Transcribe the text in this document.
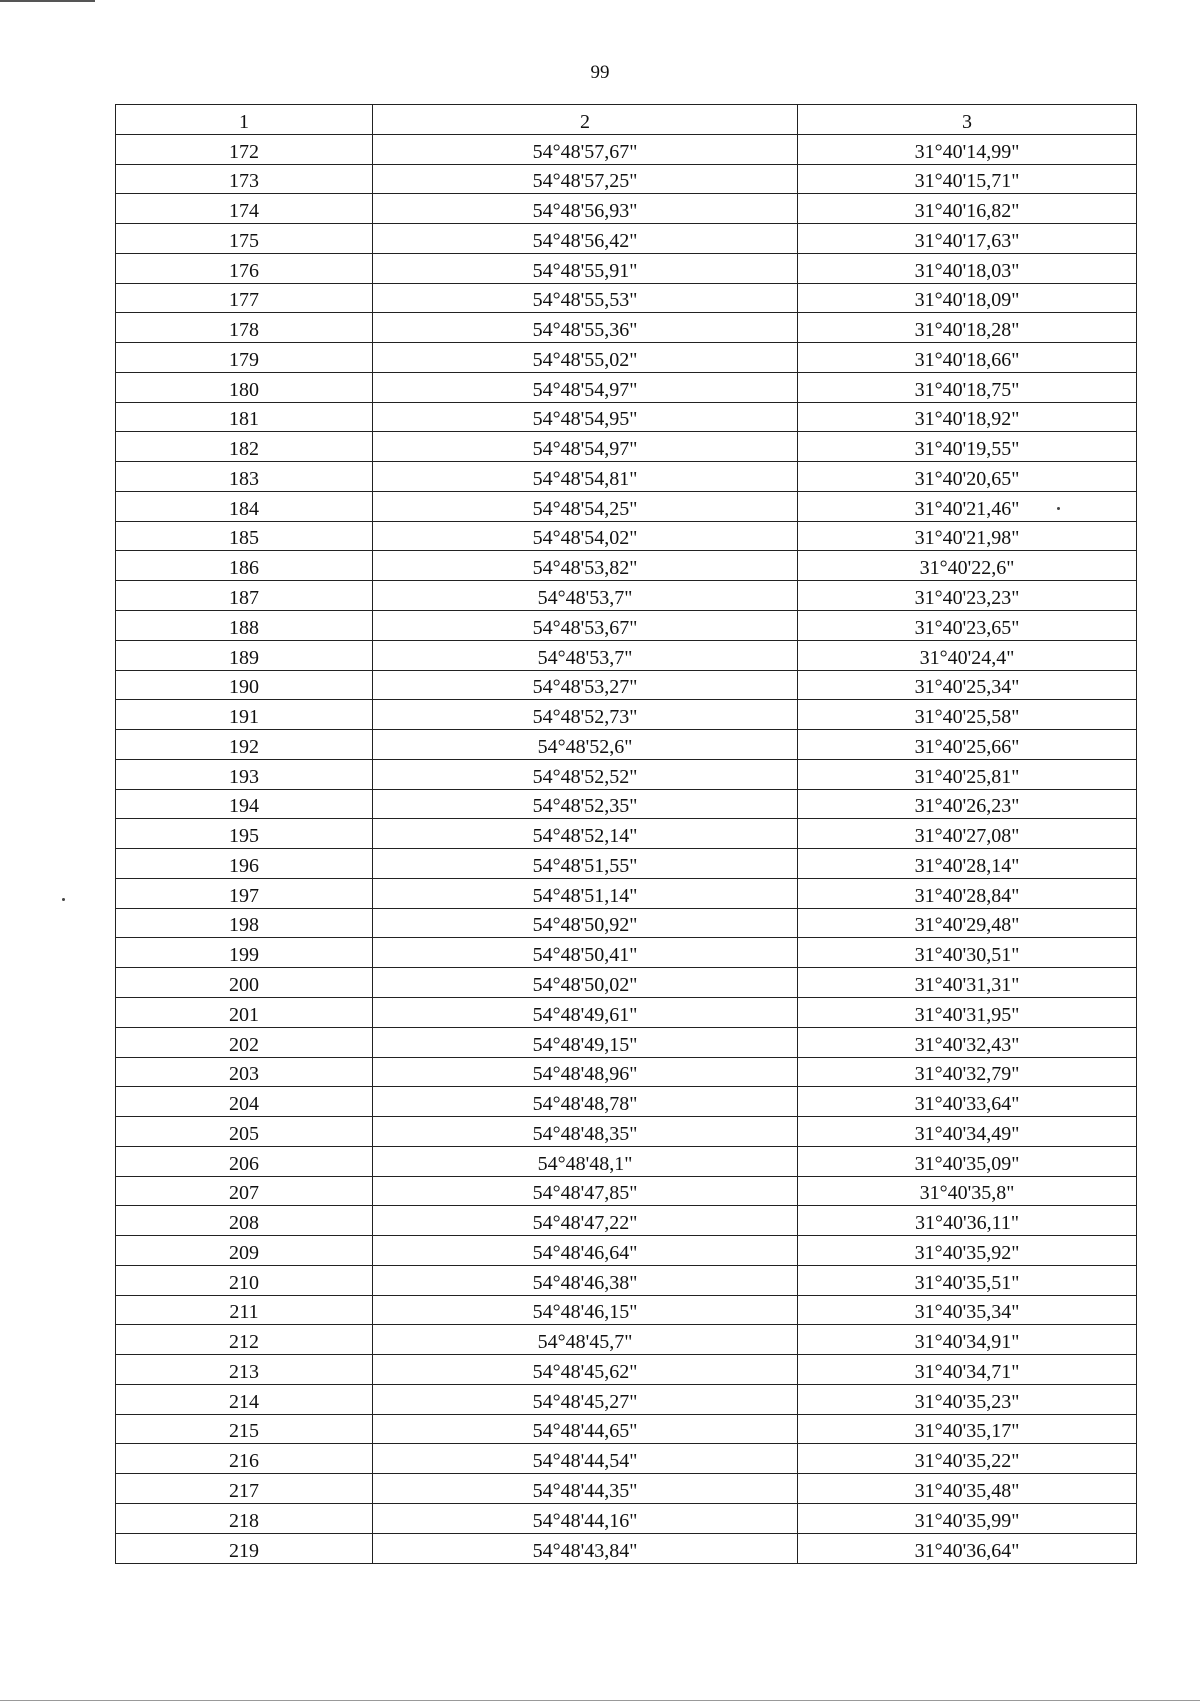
99
1	2	3
172	54°48'57,67"	31°40'14,99"
173	54°48'57,25"	31°40'15,71"
174	54°48'56,93"	31°40'16,82"
175	54°48'56,42"	31°40'17,63"
176	54°48'55,91"	31°40'18,03"
177	54°48'55,53"	31°40'18,09"
178	54°48'55,36"	31°40'18,28"
179	54°48'55,02"	31°40'18,66"
180	54°48'54,97"	31°40'18,75"
181	54°48'54,95"	31°40'18,92"
182	54°48'54,97"	31°40'19,55"
183	54°48'54,81"	31°40'20,65"
184	54°48'54,25"	31°40'21,46"
185	54°48'54,02"	31°40'21,98"
186	54°48'53,82"	31°40'22,6"
187	54°48'53,7"	31°40'23,23"
188	54°48'53,67"	31°40'23,65"
189	54°48'53,7"	31°40'24,4"
190	54°48'53,27"	31°40'25,34"
191	54°48'52,73"	31°40'25,58"
192	54°48'52,6"	31°40'25,66"
193	54°48'52,52"	31°40'25,81"
194	54°48'52,35"	31°40'26,23"
195	54°48'52,14"	31°40'27,08"
196	54°48'51,55"	31°40'28,14"
197	54°48'51,14"	31°40'28,84"
198	54°48'50,92"	31°40'29,48"
199	54°48'50,41"	31°40'30,51"
200	54°48'50,02"	31°40'31,31"
201	54°48'49,61"	31°40'31,95"
202	54°48'49,15"	31°40'32,43"
203	54°48'48,96"	31°40'32,79"
204	54°48'48,78"	31°40'33,64"
205	54°48'48,35"	31°40'34,49"
206	54°48'48,1"	31°40'35,09"
207	54°48'47,85"	31°40'35,8"
208	54°48'47,22"	31°40'36,11"
209	54°48'46,64"	31°40'35,92"
210	54°48'46,38"	31°40'35,51"
211	54°48'46,15"	31°40'35,34"
212	54°48'45,7"	31°40'34,91"
213	54°48'45,62"	31°40'34,71"
214	54°48'45,27"	31°40'35,23"
215	54°48'44,65"	31°40'35,17"
216	54°48'44,54"	31°40'35,22"
217	54°48'44,35"	31°40'35,48"
218	54°48'44,16"	31°40'35,99"
219	54°48'43,84"	31°40'36,64"
